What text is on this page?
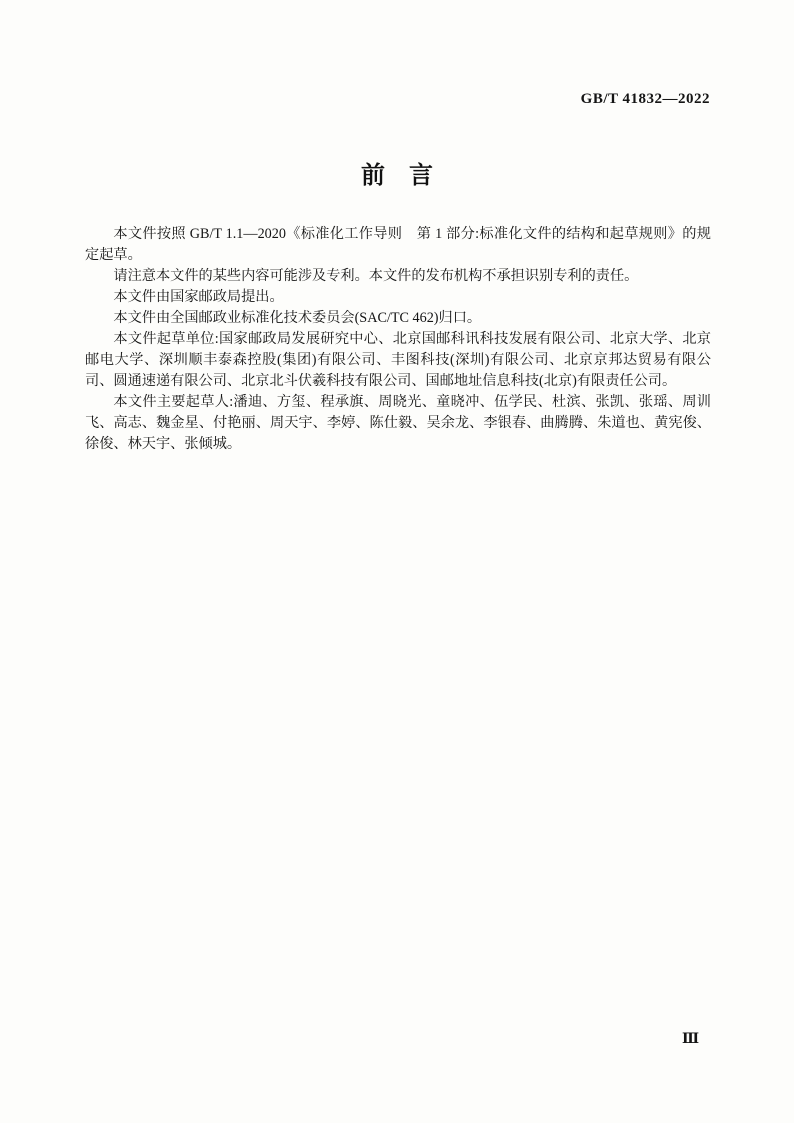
GB/T 41832—2022
前　言

本文件按照 GB/T 1.1—2020《标准化工作导则　第 1 部分:标准化文件的结构和起草规则》的规定起草。

请注意本文件的某些内容可能涉及专利。本文件的发布机构不承担识别专利的责任。

本文件由国家邮政局提出。

本文件由全国邮政业标准化技术委员会(SAC/TC 462)归口。

本文件起草单位:国家邮政局发展研究中心、北京国邮科讯科技发展有限公司、北京大学、北京邮电大学、深圳顺丰泰森控股(集团)有限公司、丰图科技(深圳)有限公司、北京京邦达贸易有限公司、圆通速递有限公司、北京北斗伏羲科技有限公司、国邮地址信息科技(北京)有限责任公司。

本文件主要起草人:潘迪、方玺、程承旗、周晓光、童晓冲、伍学民、杜滨、张凯、张瑶、周训飞、高志、魏金星、付艳丽、周天宇、李婷、陈仕毅、吴余龙、李银春、曲腾腾、朱道也、黄宪俊、徐俊、林天宇、张倾城。

Ⅲ
